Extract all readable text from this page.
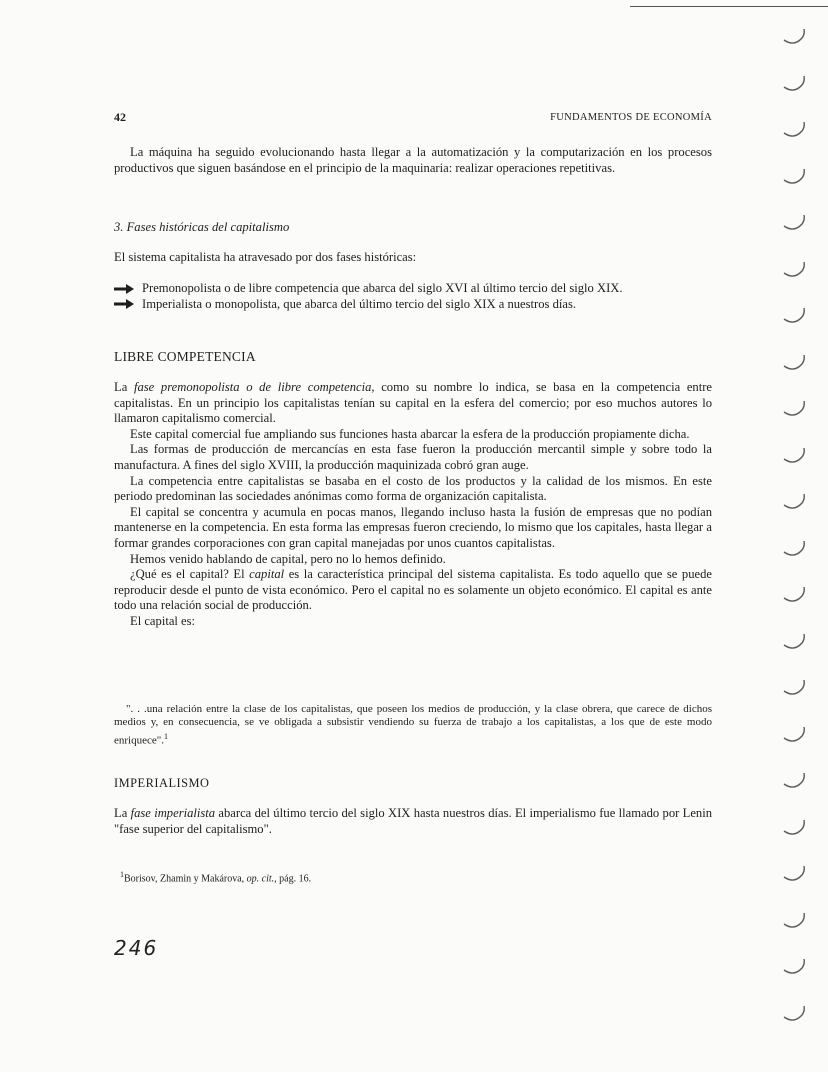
42	FUNDAMENTOS DE ECONOMÍA

La máquina ha seguido evolucionando hasta llegar a la automatización y la computarización en los procesos productivos que siguen basándose en el principio de la maquinaria: realizar operaciones repetitivas.

3. Fases históricas del capitalismo

El sistema capitalista ha atravesado por dos fases históricas:

Premonopolista o de libre competencia que abarca del siglo XVI al último tercio del siglo XIX.
Imperialista o monopolista, que abarca del último tercio del siglo XIX a nuestros días.
LIBRE COMPETENCIA

La fase premonopolista o de libre competencia, como su nombre lo indica, se basa en la competencia entre capitalistas. En un principio los capitalistas tenían su capital en la esfera del comercio; por eso muchos autores lo llamaron capitalismo comercial.

Este capital comercial fue ampliando sus funciones hasta abarcar la esfera de la producción propiamente dicha.

Las formas de producción de mercancías en esta fase fueron la producción mercantil simple y sobre todo la manufactura. A fines del siglo XVIII, la producción maquinizada cobró gran auge.

La competencia entre capitalistas se basaba en el costo de los productos y la calidad de los mismos. En este periodo predominan las sociedades anónimas como forma de organización capitalista.

El capital se concentra y acumula en pocas manos, llegando incluso hasta la fusión de empresas que no podían mantenerse en la competencia. En esta forma las empresas fueron creciendo, lo mismo que los capitales, hasta llegar a formar grandes corporaciones con gran capital manejadas por unos cuantos capitalistas.

Hemos venido hablando de capital, pero no lo hemos definido.

¿Qué es el capital? El capital es la característica principal del sistema capitalista. Es todo aquello que se puede reproducir desde el punto de vista económico. Pero el capital no es solamente un objeto económico. El capital es ante todo una relación social de producción.

El capital es:

". . .una relación entre la clase de los capitalistas, que poseen los medios de producción, y la clase obrera, que carece de dichos medios y, en consecuencia, se ve obligada a subsistir vendiendo su fuerza de trabajo a los capitalistas, a los que de este modo enriquece".$^1$

IMPERIALISMO

La fase imperialista abarca del último tercio del siglo XIX hasta nuestros días. El imperialismo fue llamado por Lenin "fase superior del capitalismo".

$^1$Borisov, Zhamin y Makárova, op. cit., pág. 16.
246
